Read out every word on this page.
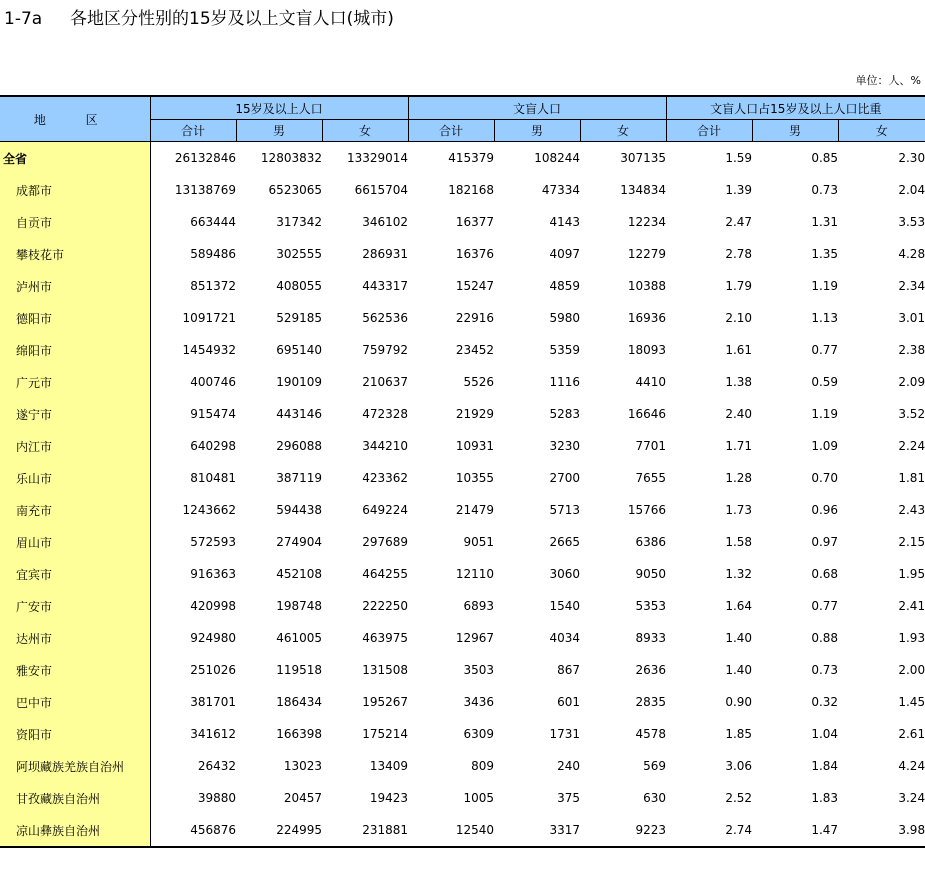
1-7a 各地区分性别的15岁及以上文盲人口(城市)
单位：人、%
地 区	15岁及以上人口			文盲人口			文盲人口占15岁及以上人口比重		
	合计	男	女	合计	男	女	合计	男	女
全省	26132846	12803832	13329014	415379	108244	307135	1.59	0.85	2.30
成都市	13138769	6523065	6615704	182168	47334	134834	1.39	0.73	2.04
自贡市	663444	317342	346102	16377	4143	12234	2.47	1.31	3.53
攀枝花市	589486	302555	286931	16376	4097	12279	2.78	1.35	4.28
泸州市	851372	408055	443317	15247	4859	10388	1.79	1.19	2.34
德阳市	1091721	529185	562536	22916	5980	16936	2.10	1.13	3.01
绵阳市	1454932	695140	759792	23452	5359	18093	1.61	0.77	2.38
广元市	400746	190109	210637	5526	1116	4410	1.38	0.59	2.09
遂宁市	915474	443146	472328	21929	5283	16646	2.40	1.19	3.52
内江市	640298	296088	344210	10931	3230	7701	1.71	1.09	2.24
乐山市	810481	387119	423362	10355	2700	7655	1.28	0.70	1.81
南充市	1243662	594438	649224	21479	5713	15766	1.73	0.96	2.43
眉山市	572593	274904	297689	9051	2665	6386	1.58	0.97	2.15
宜宾市	916363	452108	464255	12110	3060	9050	1.32	0.68	1.95
广安市	420998	198748	222250	6893	1540	5353	1.64	0.77	2.41
达州市	924980	461005	463975	12967	4034	8933	1.40	0.88	1.93
雅安市	251026	119518	131508	3503	867	2636	1.40	0.73	2.00
巴中市	381701	186434	195267	3436	601	2835	0.90	0.32	1.45
资阳市	341612	166398	175214	6309	1731	4578	1.85	1.04	2.61
阿坝藏族羌族自治州	26432	13023	13409	809	240	569	3.06	1.84	4.24
甘孜藏族自治州	39880	20457	19423	1005	375	630	2.52	1.83	3.24
凉山彝族自治州	456876	224995	231881	12540	3317	9223	2.74	1.47	3.98
